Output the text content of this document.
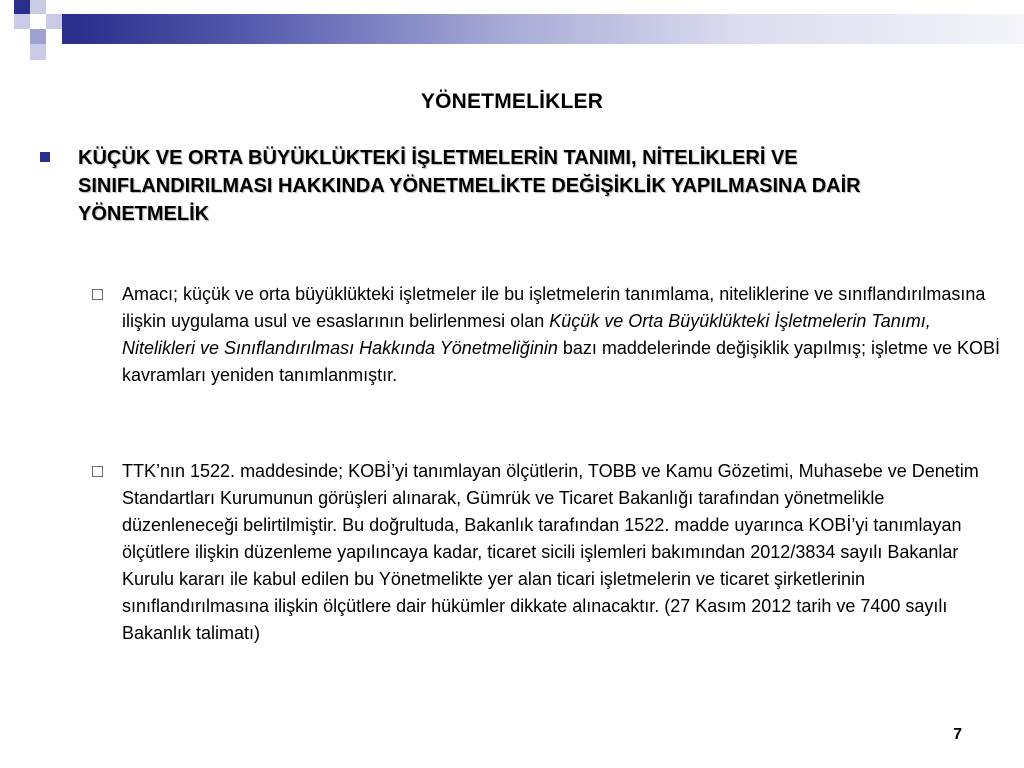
YÖNETMELİKLER
KÜÇÜK VE ORTA BÜYÜKLÜKTEKİ İŞLETMELERİN TANIMI, NİTELİKLERİ VE SINIFLANDIRILMASI HAKKINDA YÖNETMELİKTE DEĞİŞİKLİK YAPILMASINA DAİR YÖNETMELİK
Amacı; küçük ve orta büyüklükteki işletmeler ile bu işletmelerin tanımlama, niteliklerine ve sınıflandırılmasına ilişkin uygulama usul ve esaslarının belirlenmesi olan Küçük ve Orta Büyüklükteki İşletmelerin Tanımı, Nitelikleri ve Sınıflandırılması Hakkında Yönetmeliğinin bazı maddelerinde değişiklik yapılmış; işletme ve KOBİ kavramları yeniden tanımlanmıştır.
TTK’nın 1522. maddesinde; KOBİ’yi tanımlayan ölçütlerin, TOBB ve Kamu Gözetimi, Muhasebe ve Denetim Standartları Kurumunun görüşleri alınarak, Gümrük ve Ticaret Bakanlığı tarafından yönetmelikle düzenleneceği belirtilmiştir. Bu doğrultuda, Bakanlık tarafından 1522. madde uyarınca KOBİ’yi tanımlayan ölçütlere ilişkin düzenleme yapılıncaya kadar, ticaret sicili işlemleri bakımından 2012/3834 sayılı Bakanlar Kurulu kararı ile kabul edilen bu Yönetmelikte yer alan ticari işletmelerin ve ticaret şirketlerinin sınıflandırılmasına ilişkin ölçütlere dair hükümler dikkate alınacaktır. (27 Kasım 2012 tarih ve 7400 sayılı Bakanlık talimatı)
7
